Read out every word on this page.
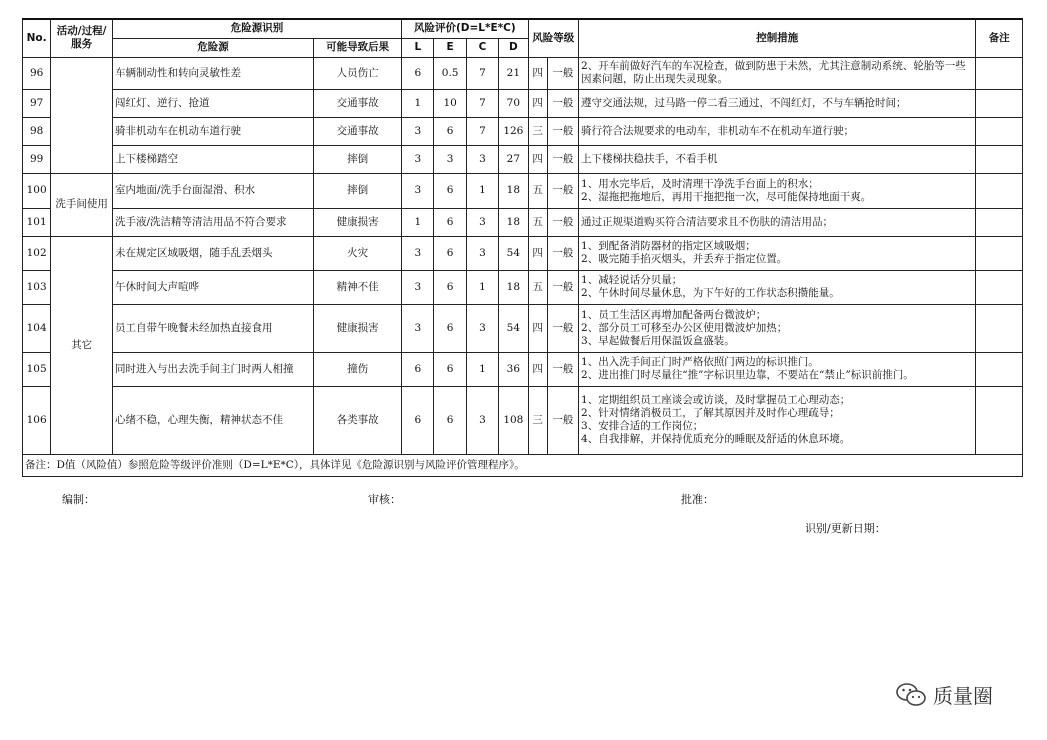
No.	活动/过程/服务	危险源识别		风险评价(D=L*E*C)				风险等级		控制措施	备注
		危险源	可能导致后果	L	E	C	D				
96		车辆制动性和转向灵敏性差	人员伤亡	6	0.5	7	21	四	一般	2、开车前做好汽车的车况检查，做到防患于未然，尤其注意制动系统、轮胎等一些因素问题，防止出现失灵现象。	

97		闯红灯、逆行、抢道	交通事故	1	10	7	70	四	一般	遵守交通法规，过马路一停二看三通过，不闯红灯，不与车辆抢时间；	

98		骑非机动车在机动车道行驶	交通事故	3	6	7	126	三	一般	骑行符合法规要求的电动车，非机动车不在机动车道行驶；	

99		上下楼梯踏空	摔倒	3	3	3	27	四	一般	上下楼梯扶稳扶手，不看手机	

100	洗手间使用	室内地面/洗手台面湿滑、积水	摔倒	3	6	1	18	五	一般	1、用水完毕后，及时清理干净洗手台面上的积水；
2、湿拖把拖地后，再用干拖把拖一次，尽可能保持地面干爽。	

101		洗手液/洗洁精等清洁用品不符合要求	健康损害	1	6	3	18	五	一般	通过正规渠道购买符合清洁要求且不伤肤的清洁用品；	

102	其它	未在规定区域吸烟，随手乱丢烟头	火灾	3	6	3	54	四	一般	1、到配备消防器材的指定区域吸烟；
2、吸完随手掐灭烟头，并丢弃于指定位置。	

103		午休时间大声喧哗	精神不佳	3	6	1	18	五	一般	1、减轻说话分贝量；
2、午休时间尽量休息，为下午好的工作状态积攒能量。	

104		员工自带午晚餐未经加热直接食用	健康损害	3	6	3	54	四	一般	1、员工生活区再增加配备两台微波炉；
2、部分员工可移至办公区使用微波炉加热；
3、早起做餐后用保温饭盒盛装。	

105		同时进入与出去洗手间主门时两人相撞	撞伤	6	6	1	36	四	一般	1、出入洗手间正门时严格依照门两边的标识推门。
2、进出推门时尽量往“推”字标识里边靠，不要站在“禁止”标识前推门。	

106		心绪不稳，心理失衡，精神状态不佳	各类事故	6	6	3	108	三	一般	1、定期组织员工座谈会或访谈，及时掌握员工心理动态；
2、针对情绪消极员工，了解其原因并及时作心理疏导；
3、安排合适的工作岗位；
4、自我排解，并保持优质充分的睡眠及舒适的休息环境。	

备注：D值（风险值）参照危险等级评价准则（D=L*E*C），具体详见《危险源识别与风险评价管理程序》。											
编制：	审核：	批准：
识别/更新日期：
质量圈
